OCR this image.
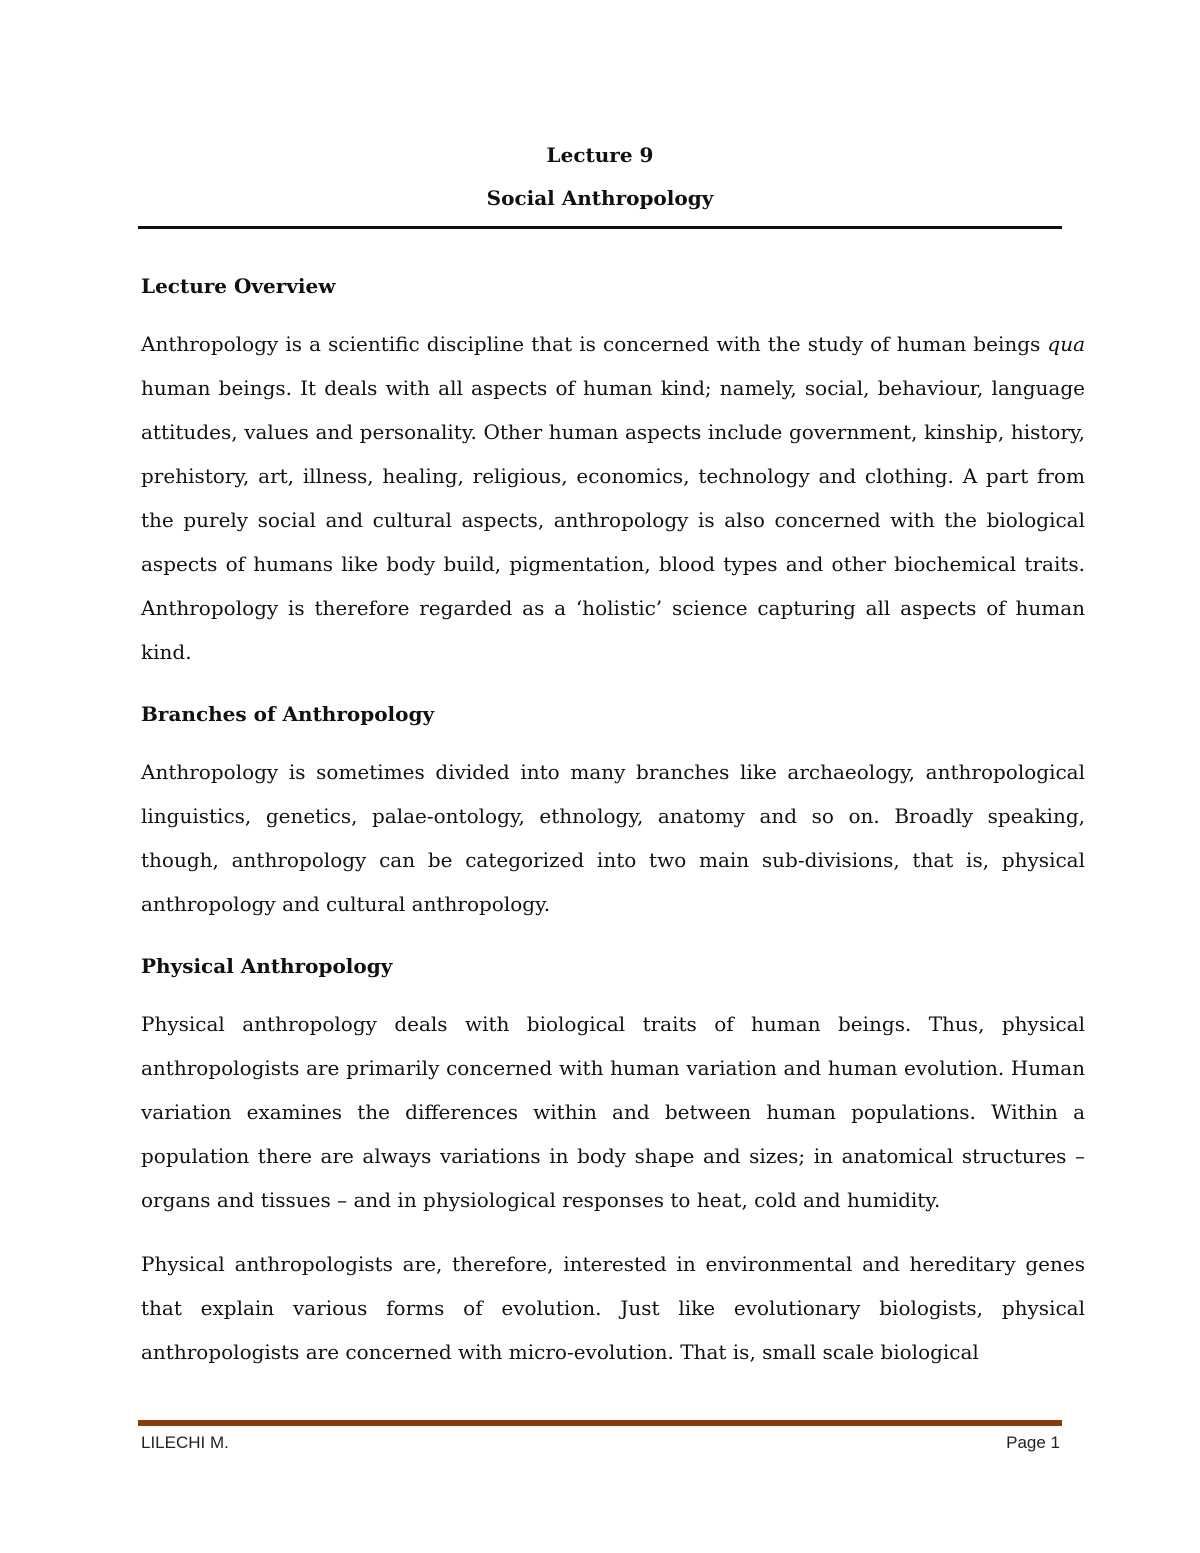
Lecture 9
Social Anthropology
Lecture Overview

Anthropology is a scientific discipline that is concerned with the study of human beings qua human beings. It deals with all aspects of human kind; namely, social, behaviour, language attitudes, values and personality. Other human aspects include government, kinship, history, prehistory, art, illness, healing, religious, economics, technology and clothing. A part from the purely social and cultural aspects, anthropology is also concerned with the biological aspects of humans like body build, pigmentation, blood types and other biochemical traits. Anthropology is therefore regarded as a ‘holistic’ science capturing all aspects of human kind.

Branches of Anthropology

Anthropology is sometimes divided into many branches like archaeology, anthropological linguistics, genetics, palae-ontology, ethnology, anatomy and so on. Broadly speaking, though, anthropology can be categorized into two main sub-divisions, that is, physical anthropology and cultural anthropology.

Physical Anthropology

Physical anthropology deals with biological traits of human beings. Thus, physical anthropologists are primarily concerned with human variation and human evolution. Human variation examines the differences within and between human populations. Within a population there are always variations in body shape and sizes; in anatomical structures – organs and tissues – and in physiological responses to heat, cold and humidity.

Physical anthropologists are, therefore, interested in environmental and hereditary genes that explain various forms of evolution. Just like evolutionary biologists, physical anthropologists are concerned with micro-evolution. That is, small scale biological

LILECHI M.	Page 1
